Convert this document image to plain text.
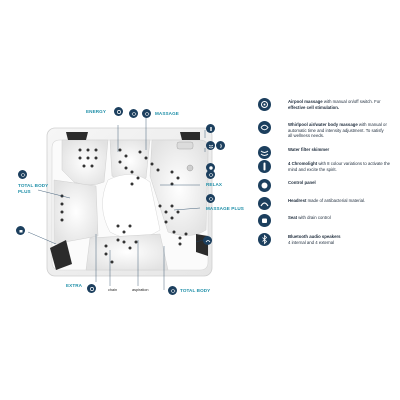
ENERGY	MASSAGE
RELAX
MASSAGE PLUS
TOTAL BODY
PLUS
EXTRA
chain	aspiration	TOTAL BODY
Airpool massage with manual on/off switch. For
effective cell stimulation.
Whirlpool air/water body massage with manual or
automatic time and intensity adjustment. To satisfy
all wellness needs.
Water filter skimmer
4 Chromolight with 8 colour variations to activate the
mind and excite the spirit.
Control panel
Headrest made of antibacterial material.
Seat with drain control
Bluetooth audio speakers
4 internal and 4 external
